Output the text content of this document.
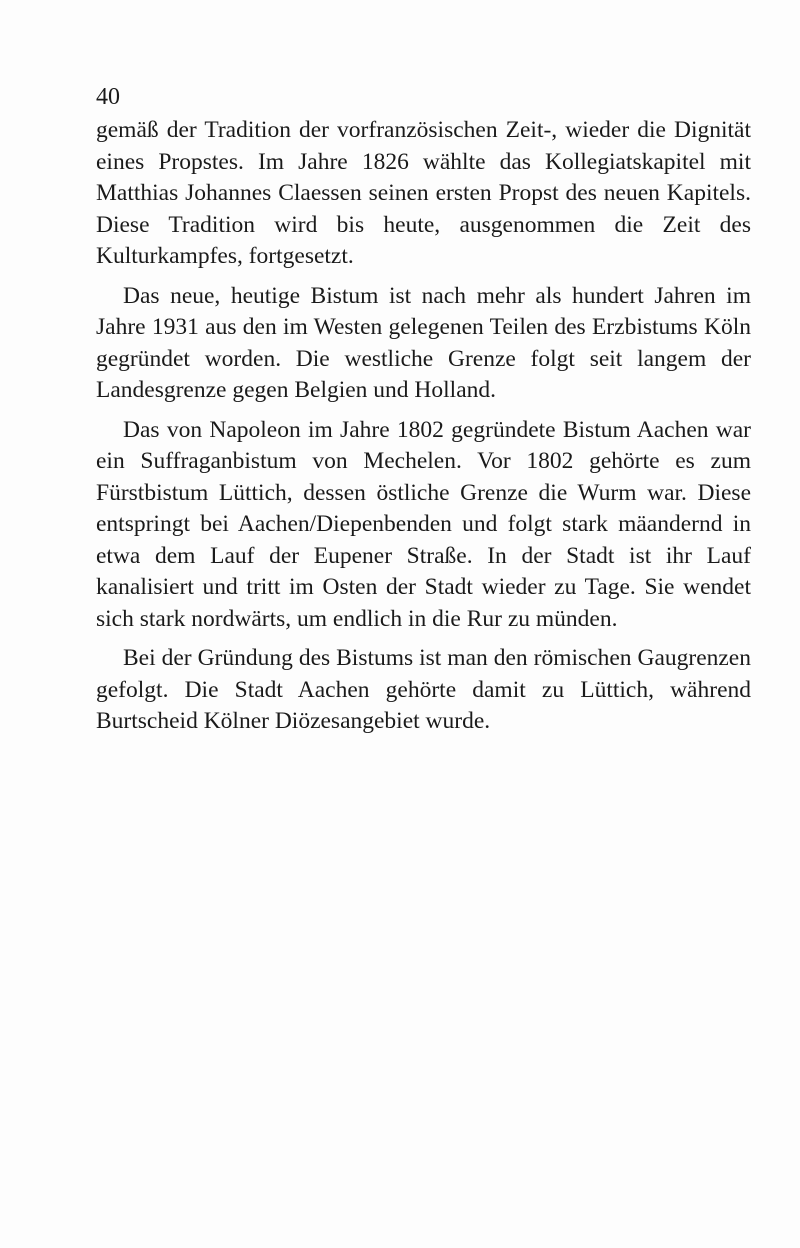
40

gemäß der Tradition der vorfranzösischen Zeit-, wieder die Dignität eines Propstes. Im Jahre 1826 wählte das Kollegiatskapitel mit Matthias Johannes Claessen seinen ersten Propst des neuen Kapitels. Diese Tradition wird bis heute, ausgenommen die Zeit des Kulturkampfes, fortgesetzt.

Das neue, heutige Bistum ist nach mehr als hundert Jahren im Jahre 1931 aus den im Westen gelegenen Teilen des Erzbistums Köln gegründet worden. Die westliche Grenze folgt seit langem der Landesgrenze gegen Belgien und Holland.

Das von Napoleon im Jahre 1802 gegründete Bistum Aachen war ein Suffraganbistum von Mechelen. Vor 1802 gehörte es zum Fürstbistum Lüttich, dessen östliche Grenze die Wurm war. Diese entspringt bei Aachen/Diepenbenden und folgt stark mäandernd in etwa dem Lauf der Eupener Straße. In der Stadt ist ihr Lauf kanalisiert und tritt im Osten der Stadt wieder zu Tage. Sie wendet sich stark nordwärts, um endlich in die Rur zu münden.

Bei der Gründung des Bistums ist man den römischen Gaugrenzen gefolgt. Die Stadt Aachen gehörte damit zu Lüttich, während Burtscheid Kölner Diözesangebiet wurde.
